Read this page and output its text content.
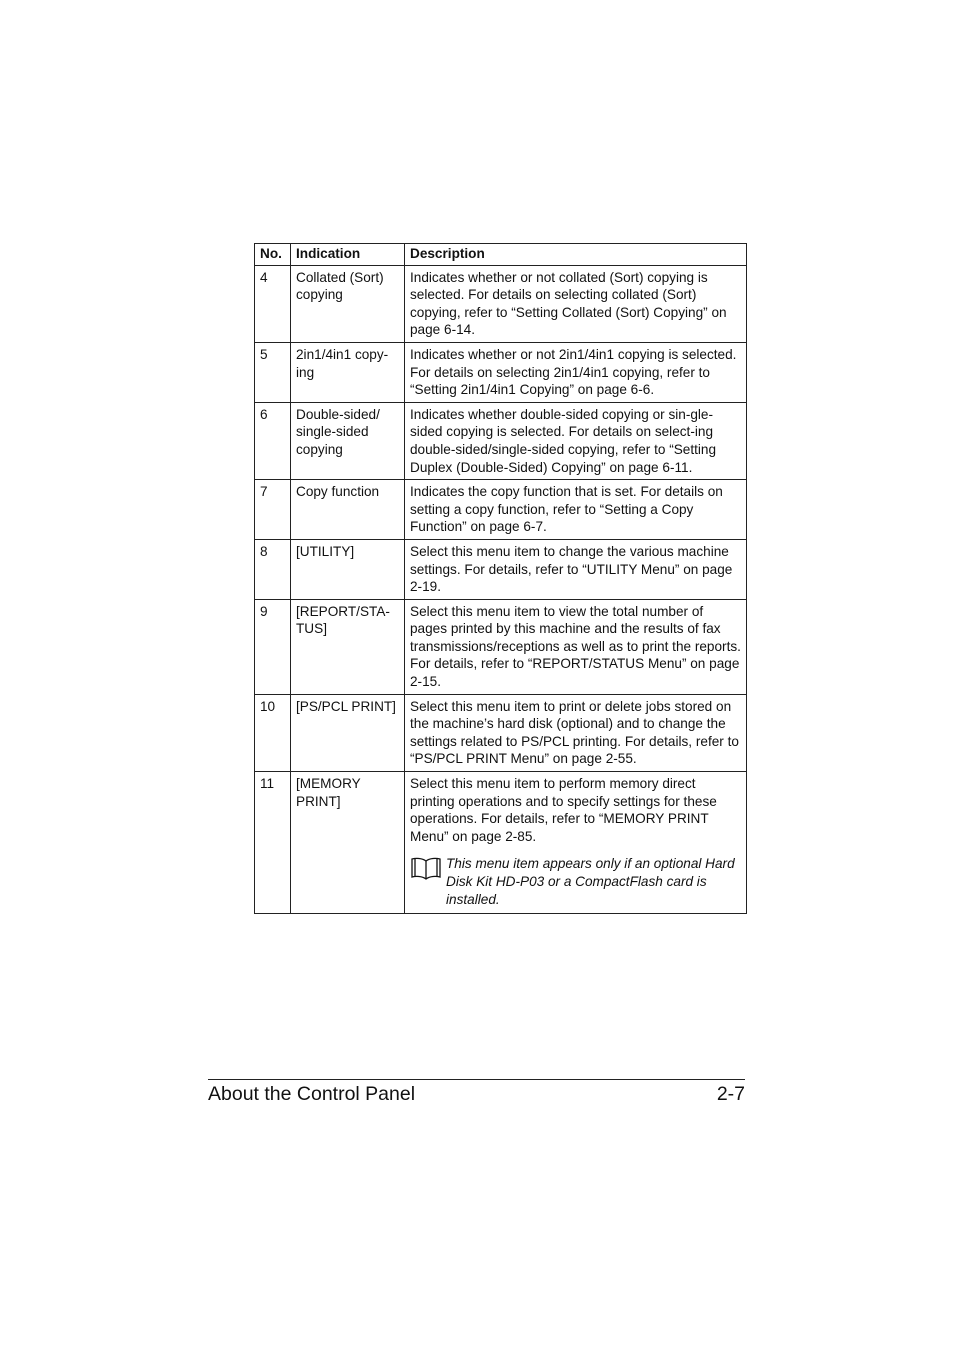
No.	Indication	Description
4	Collated (Sort) copying	Indicates whether or not collated (Sort) copying is selected. For details on selecting collated (Sort) copying, refer to “Setting Collated (Sort) Copying” on page 6-14.
5	2in1/4in1 copy-ing	Indicates whether or not 2in1/4in1 copying is selected. For details on selecting 2in1/4in1 copying, refer to “Setting 2in1/4in1 Copying” on page 6-6.
6	Double-sided/ single-sided copying	Indicates whether double-sided copying or sin-gle-sided copying is selected. For details on select-ing double-sided/single-sided copying, refer to “Setting Duplex (Double-Sided) Copying” on page 6-11.
7	Copy function	Indicates the copy function that is set. For details on setting a copy function, refer to “Setting a Copy Function” on page 6-7.
8	[UTILITY]	Select this menu item to change the various machine settings. For details, refer to “UTILITY Menu” on page 2-19.
9	[REPORT/STA-TUS]	Select this menu item to view the total number of pages printed by this machine and the results of fax transmissions/receptions as well as to print the reports. For details, refer to “REPORT/STATUS Menu” on page 2-15.
10	[PS/PCL PRINT]	Select this menu item to print or delete jobs stored on the machine’s hard disk (optional) and to change the settings related to PS/PCL printing. For details, refer to “PS/PCL PRINT Menu” on page 2-55.
11	[MEMORY PRINT]	Select this menu item to perform memory direct printing operations and to specify settings for these operations. For details, refer to “MEMORY PRINT Menu” on page 2-85.
This menu item appears only if an optional Hard Disk Kit HD-P03 or a CompactFlash card is installed.
About the Control Panel	2-7
